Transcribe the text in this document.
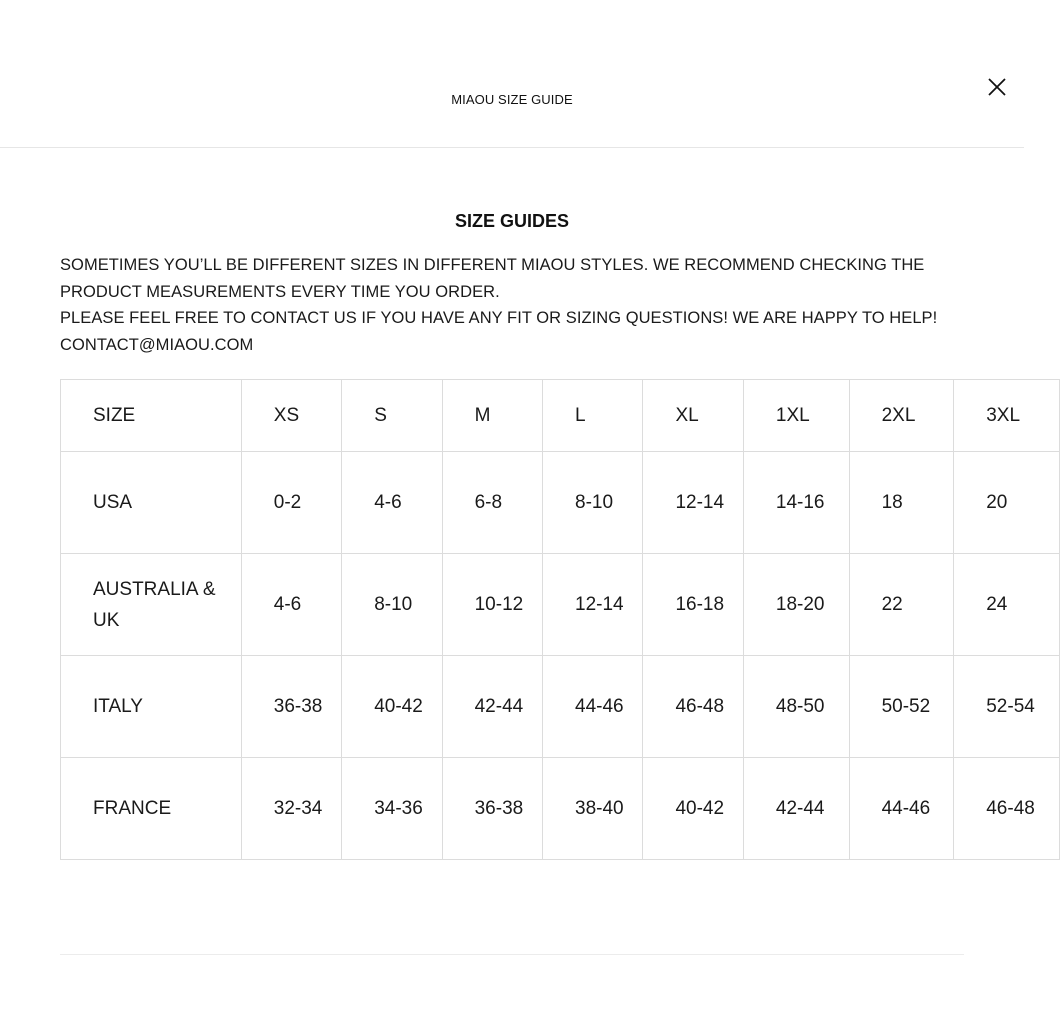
MIAOU SIZE GUIDE
SIZE GUIDES

SOMETIMES YOU’LL BE DIFFERENT SIZES IN DIFFERENT MIAOU STYLES. WE RECOMMEND CHECKING THE PRODUCT MEASUREMENTS EVERY TIME YOU ORDER.

PLEASE FEEL FREE TO CONTACT US IF YOU HAVE ANY FIT OR SIZING QUESTIONS! WE ARE HAPPY TO HELP! CONTACT@MIAOU.COM

SIZE	XS	S	M	L	XL	1XL	2XL	3XL
USA	0-2	4-6	6-8	8-10	12-14	14-16	18	20
AUSTRALIA & UK	4-6	8-10	10-12	12-14	16-18	18-20	22	24
ITALY	36-38	40-42	42-44	44-46	46-48	48-50	50-52	52-54
FRANCE	32-34	34-36	36-38	38-40	40-42	42-44	44-46	46-48
